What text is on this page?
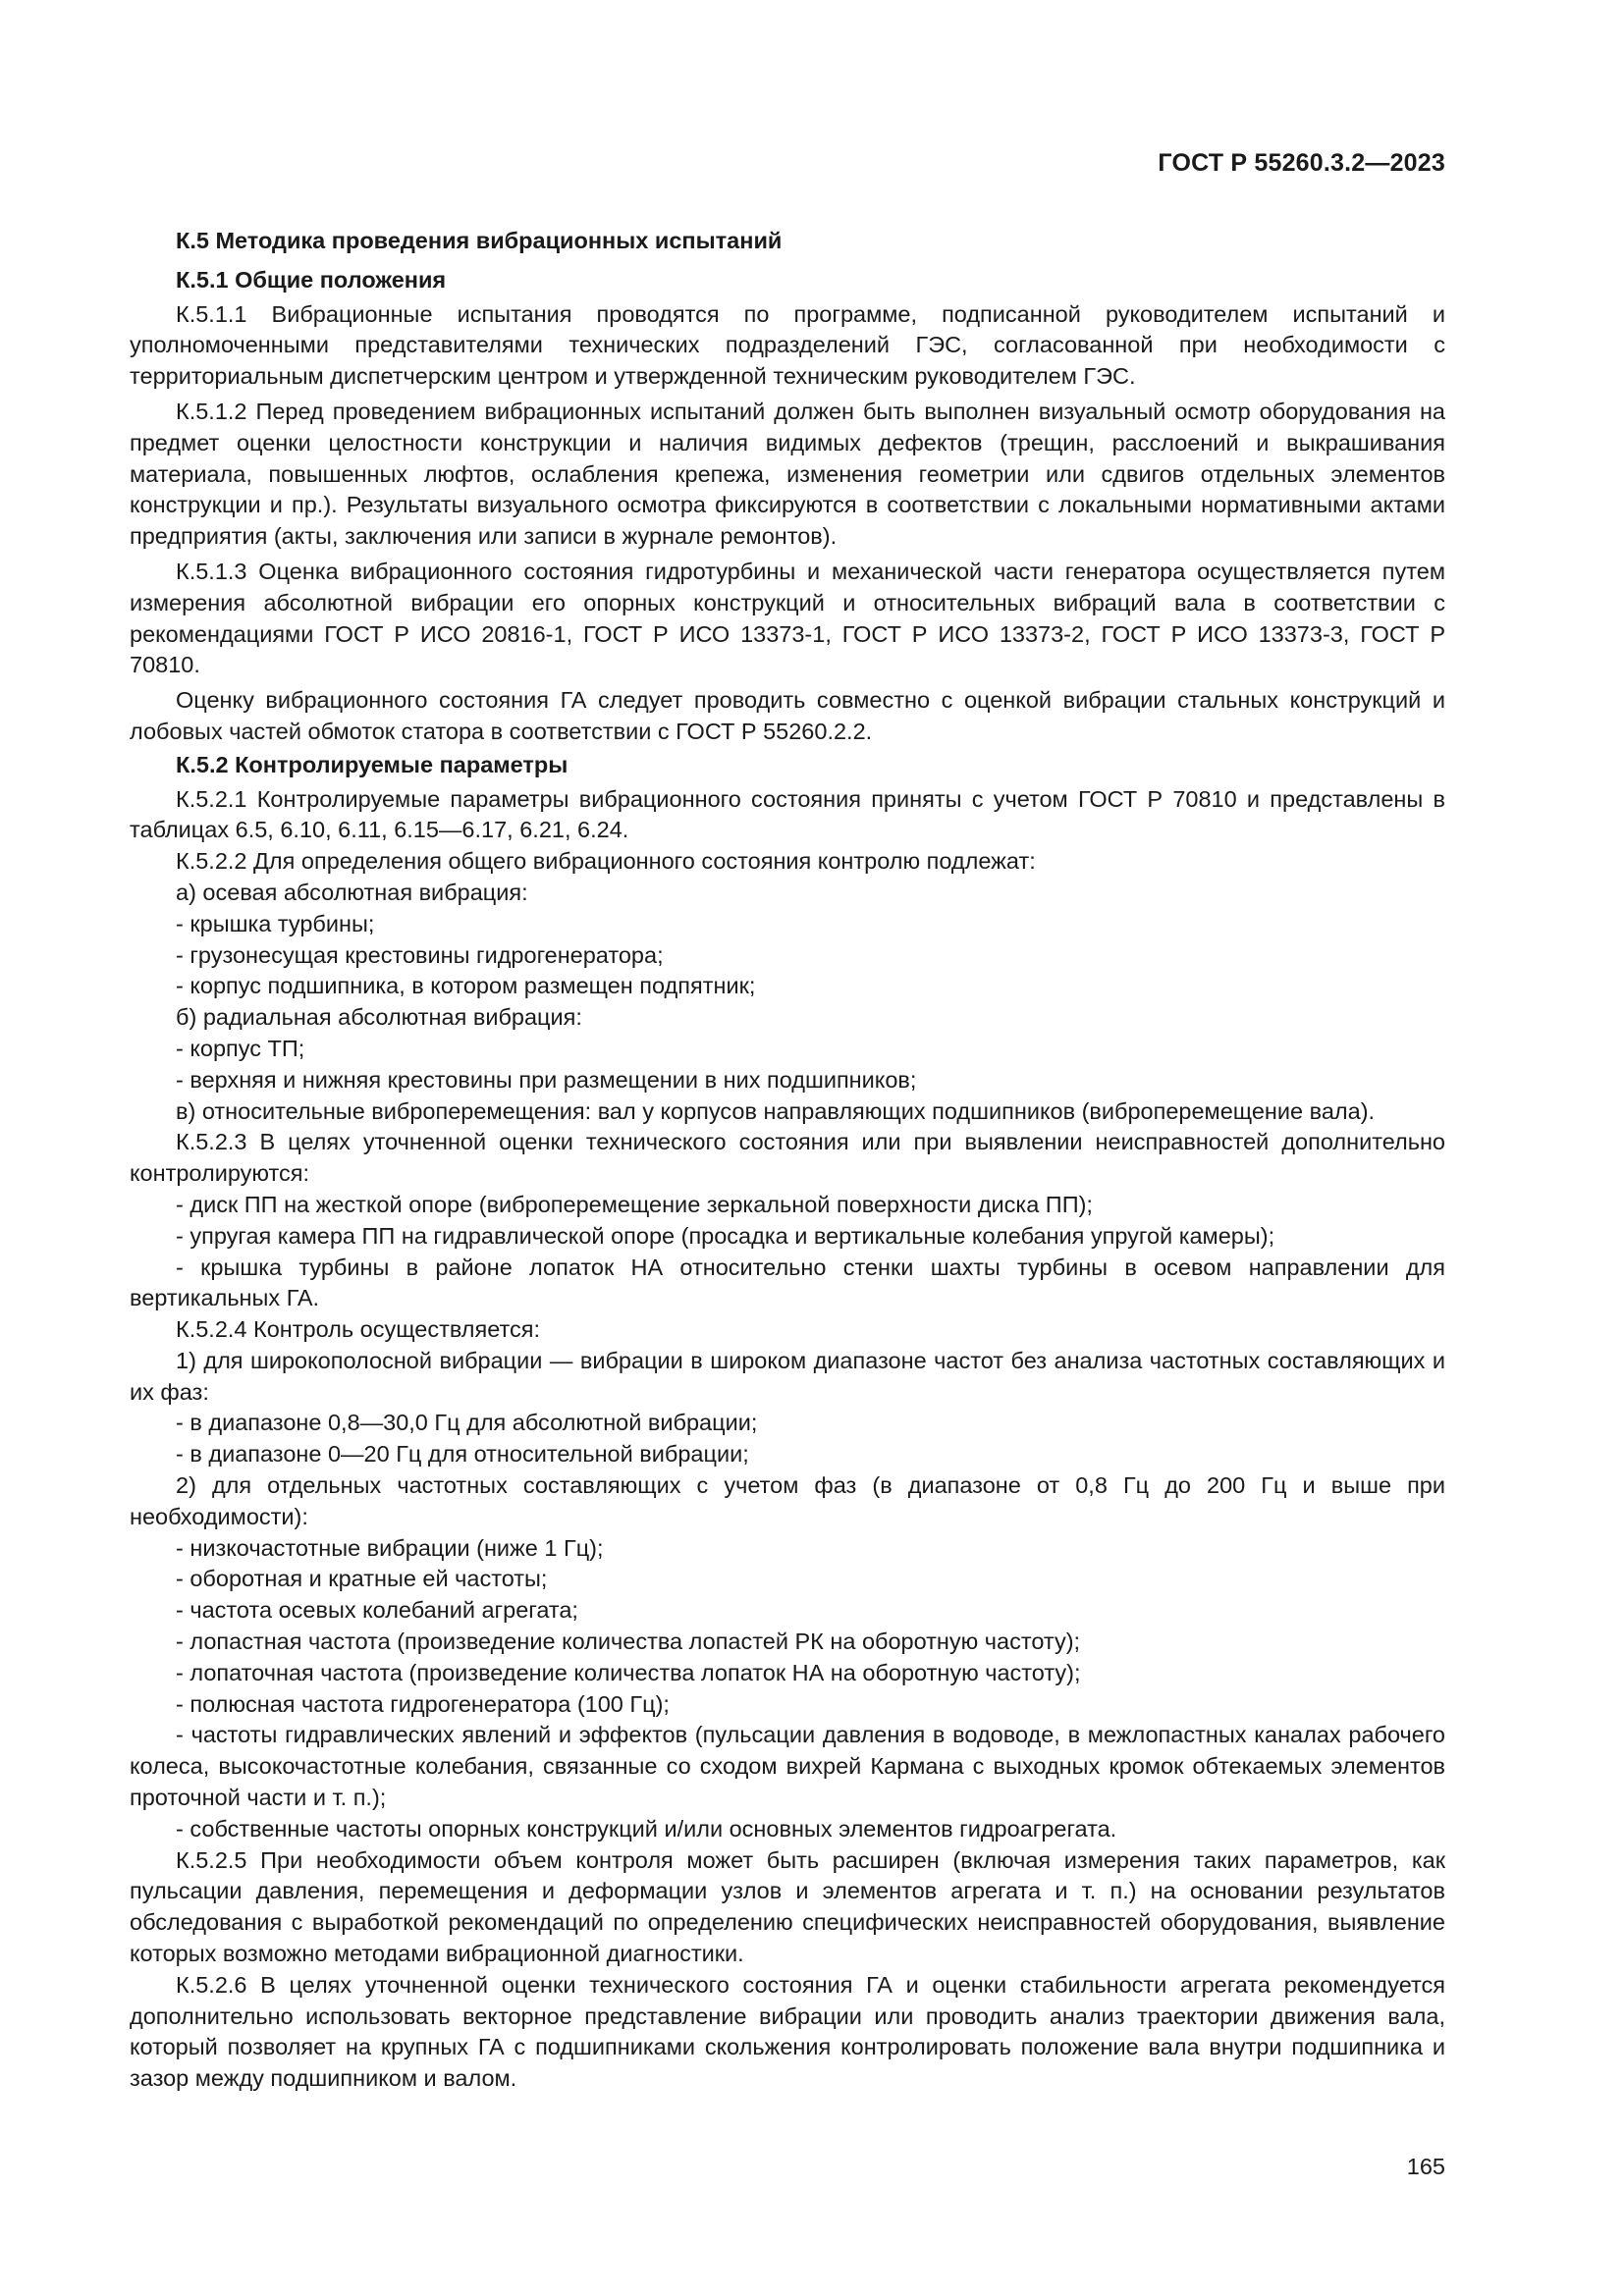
ГОСТ Р 55260.3.2—2023

К.5 Методика проведения вибрационных испытаний

К.5.1 Общие положения

К.5.1.1 Вибрационные испытания проводятся по программе, подписанной руководителем испытаний и уполномоченными представителями технических подразделений ГЭС, согласованной при необходимости с территориальным диспетчерским центром и утвержденной техническим руководителем ГЭС.

К.5.1.2 Перед проведением вибрационных испытаний должен быть выполнен визуальный осмотр оборудования на предмет оценки целостности конструкции и наличия видимых дефектов (трещин, расслоений и выкрашивания материала, повышенных люфтов, ослабления крепежа, изменения геометрии или сдвигов отдельных элементов конструкции и пр.). Результаты визуального осмотра фиксируются в соответствии с локальными нормативными актами предприятия (акты, заключения или записи в журнале ремонтов).

К.5.1.3 Оценка вибрационного состояния гидротурбины и механической части генератора осуществляется путем измерения абсолютной вибрации его опорных конструкций и относительных вибраций вала в соответствии с рекомендациями ГОСТ Р ИСО 20816-1, ГОСТ Р ИСО 13373-1, ГОСТ Р ИСО 13373-2, ГОСТ Р ИСО 13373-3, ГОСТ Р 70810.

Оценку вибрационного состояния ГА следует проводить совместно с оценкой вибрации стальных конструкций и лобовых частей обмоток статора в соответствии с ГОСТ Р 55260.2.2.

К.5.2 Контролируемые параметры

К.5.2.1 Контролируемые параметры вибрационного состояния приняты с учетом ГОСТ Р 70810 и представлены в таблицах 6.5, 6.10, 6.11, 6.15—6.17, 6.21, 6.24.

К.5.2.2 Для определения общего вибрационного состояния контролю подлежат:

а) осевая абсолютная вибрация:

- крышка турбины;

- грузонесущая крестовины гидрогенератора;

- корпус подшипника, в котором размещен подпятник;

б) радиальная абсолютная вибрация:

- корпус ТП;

- верхняя и нижняя крестовины при размещении в них подшипников;

в) относительные виброперемещения: вал у корпусов направляющих подшипников (виброперемещение вала).

К.5.2.3 В целях уточненной оценки технического состояния или при выявлении неисправностей дополнительно контролируются:

- диск ПП на жесткой опоре (виброперемещение зеркальной поверхности диска ПП);

- упругая камера ПП на гидравлической опоре (просадка и вертикальные колебания упругой камеры);

- крышка турбины в районе лопаток НА относительно стенки шахты турбины в осевом направлении для вертикальных ГА.

К.5.2.4 Контроль осуществляется:

1) для широкополосной вибрации — вибрации в широком диапазоне частот без анализа частотных составляющих и их фаз:

- в диапазоне 0,8—30,0 Гц для абсолютной вибрации;

- в диапазоне 0—20 Гц для относительной вибрации;

2) для отдельных частотных составляющих с учетом фаз (в диапазоне от 0,8 Гц до 200 Гц и выше при необходимости):

- низкочастотные вибрации (ниже 1 Гц);

- оборотная и кратные ей частоты;

- частота осевых колебаний агрегата;

- лопастная частота (произведение количества лопастей РК на оборотную частоту);

- лопаточная частота (произведение количества лопаток НА на оборотную частоту);

- полюсная частота гидрогенератора (100 Гц);

- частоты гидравлических явлений и эффектов (пульсации давления в водоводе, в межлопастных каналах рабочего колеса, высокочастотные колебания, связанные со сходом вихрей Кармана с выходных кромок обтекаемых элементов проточной части и т. п.);

- собственные частоты опорных конструкций и/или основных элементов гидроагрегата.

К.5.2.5 При необходимости объем контроля может быть расширен (включая измерения таких параметров, как пульсации давления, перемещения и деформации узлов и элементов агрегата и т. п.) на основании результатов обследования с выработкой рекомендаций по определению специфических неисправностей оборудования, выявление которых возможно методами вибрационной диагностики.

К.5.2.6 В целях уточненной оценки технического состояния ГА и оценки стабильности агрегата рекомендуется дополнительно использовать векторное представление вибрации или проводить анализ траектории движения вала, который позволяет на крупных ГА с подшипниками скольжения контролировать положение вала внутри подшипника и зазор между подшипником и валом.

165
